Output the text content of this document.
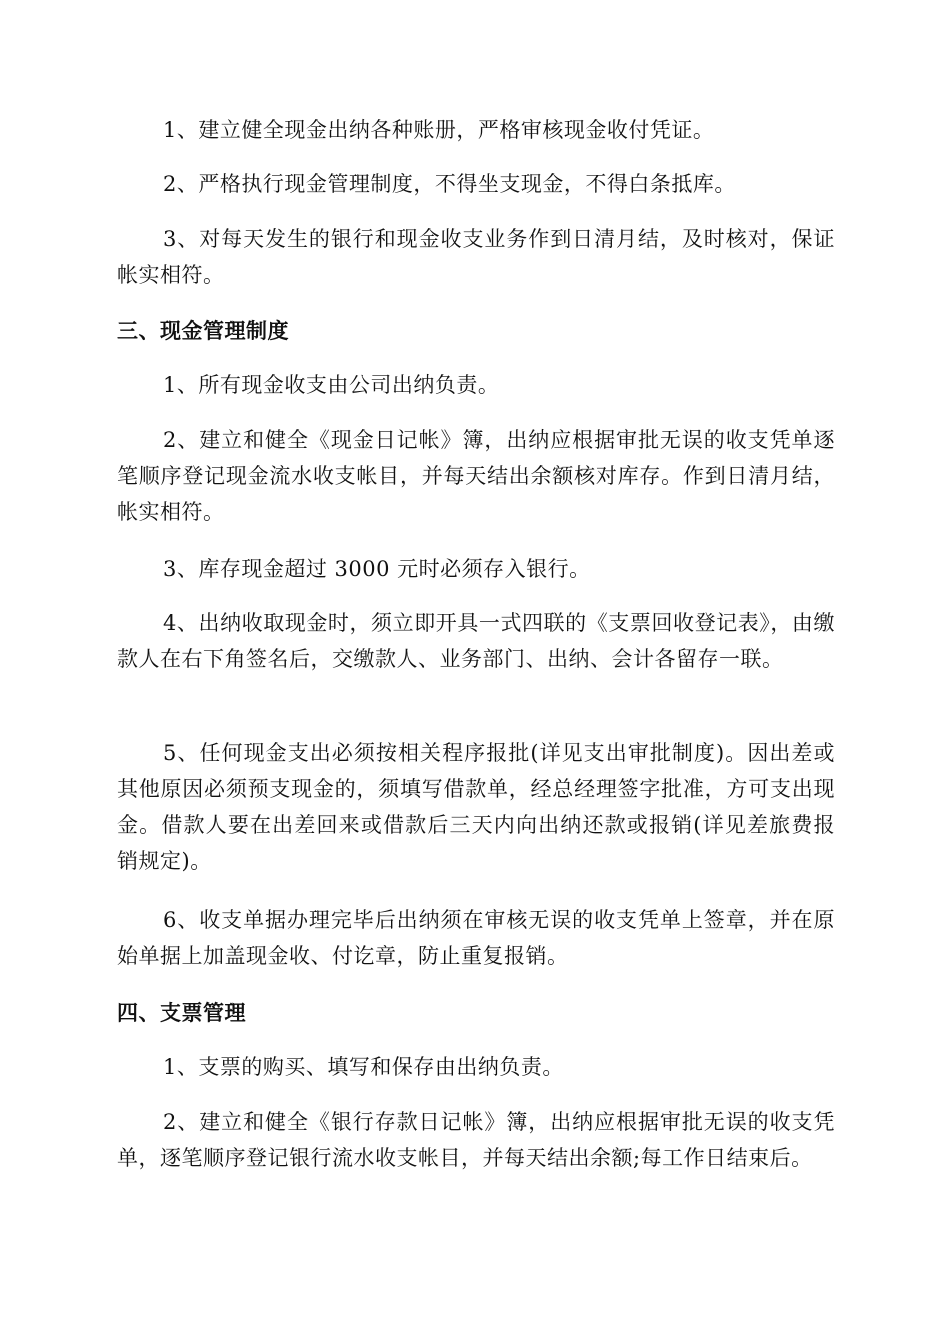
1、建立健全现金出纳各种账册，严格审核现金收付凭证。
2、严格执行现金管理制度，不得坐支现金，不得白条抵库。
3、对每天发生的银行和现金收支业务作到日清月结，及时核对，保证帐实相符。
三、现金管理制度
1、所有现金收支由公司出纳负责。
2、建立和健全《现金日记帐》簿，出纳应根据审批无误的收支凭单逐笔顺序登记现金流水收支帐目，并每天结出余额核对库存。作到日清月结，帐实相符。
3、库存现金超过 3000 元时必须存入银行。
4、出纳收取现金时，须立即开具一式四联的《支票回收登记表》，由缴款人在右下角签名后，交缴款人、业务部门、出纳、会计各留存一联。
5、任何现金支出必须按相关程序报批(详见支出审批制度)。因出差或其他原因必须预支现金的，须填写借款单，经总经理签字批准，方可支出现金。借款人要在出差回来或借款后三天内向出纳还款或报销(详见差旅费报销规定)。
6、收支单据办理完毕后出纳须在审核无误的收支凭单上签章，并在原始单据上加盖现金收、付讫章，防止重复报销。
四、支票管理
1、支票的购买、填写和保存由出纳负责。
2、建立和健全《银行存款日记帐》簿，出纳应根据审批无误的收支凭单，逐笔顺序登记银行流水收支帐目，并每天结出余额;每工作日结束后。
